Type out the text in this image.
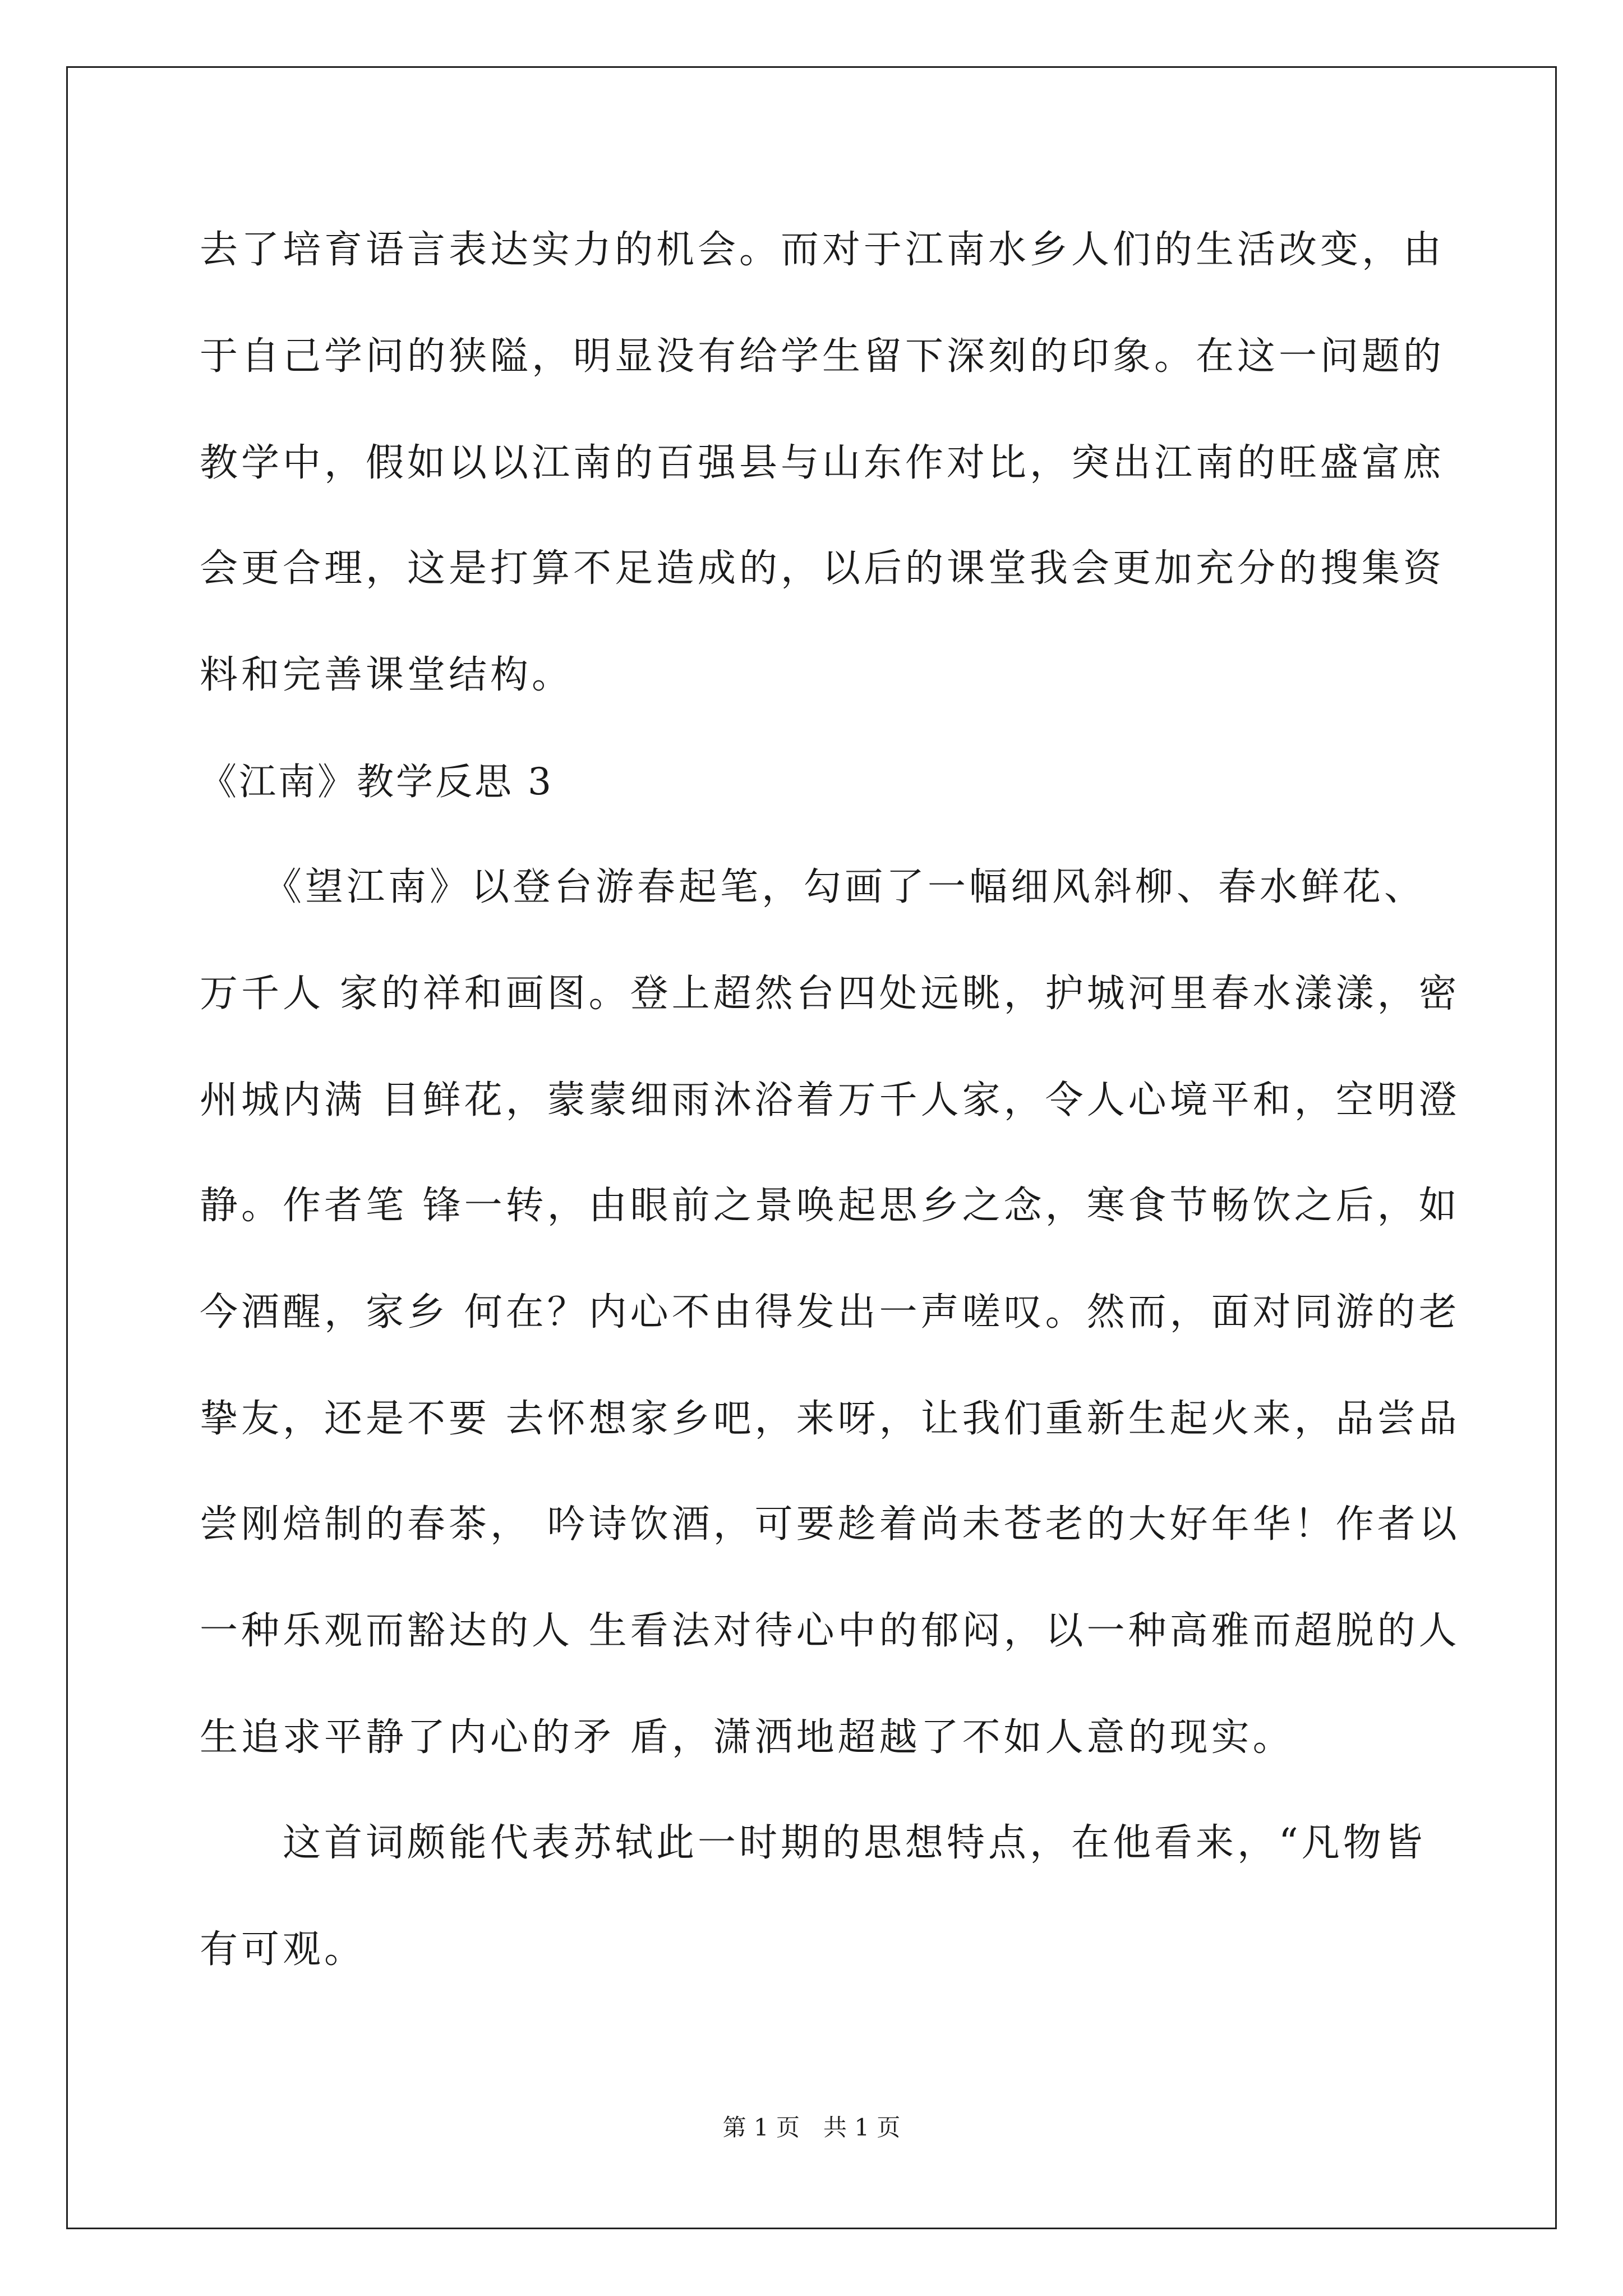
去了培育语言表达实力的机会。而对于江南水乡人们的生活改变，由
于自己学问的狭隘，明显没有给学生留下深刻的印象。在这一问题的
教学中，假如以以江南的百强县与山东作对比，突出江南的旺盛富庶
会更合理，这是打算不足造成的，以后的课堂我会更加充分的搜集资
料和完善课堂结构。
《江南》教学反思 3
　　《望江南》以登台游春起笔，勾画了一幅细风斜柳、春水鲜花、
万千人 家的祥和画图。登上超然台四处远眺，护城河里春水漾漾，密
州城内满 目鲜花，蒙蒙细雨沐浴着万千人家，令人心境平和，空明澄
静。作者笔 锋一转，由眼前之景唤起思乡之念，寒食节畅饮之后，如
今酒醒，家乡 何在？内心不由得发出一声嗟叹。然而，面对同游的老
挚友，还是不要 去怀想家乡吧，来呀，让我们重新生起火来，品尝品
尝刚焙制的春茶， 吟诗饮酒，可要趁着尚未苍老的大好年华！作者以
一种乐观而豁达的人 生看法对待心中的郁闷，以一种高雅而超脱的人
生追求平静了内心的矛 盾，潇洒地超越了不如人意的现实。
　　这首词颇能代表苏轼此一时期的思想特点，在他看来，“凡物皆
有可观。
第 1 页　共 1 页
